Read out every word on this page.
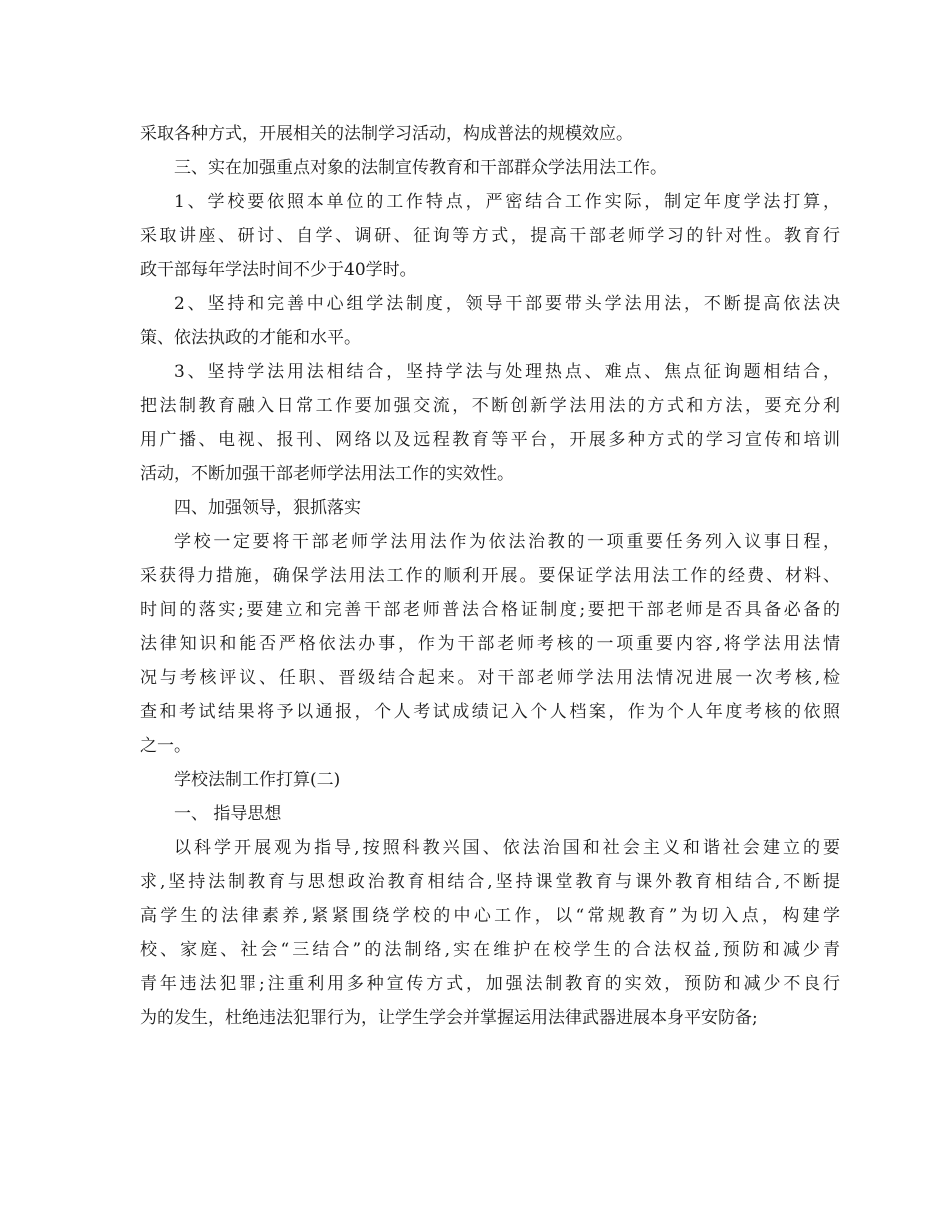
采取各种方式，开展相关的法制学习活动，构成普法的规模效应。
三、实在加强重点对象的法制宣传教育和干部群众学法用法工作。
1、学校要依照本单位的工作特点，严密结合工作实际，制定年度学法打算，
采取讲座、研讨、自学、调研、征询等方式，提高干部老师学习的针对性。教育行
政干部每年学法时间不少于40学时。
2、坚持和完善中心组学法制度，领导干部要带头学法用法，不断提高依法决
策、依法执政的才能和水平。
3、坚持学法用法相结合，坚持学法与处理热点、难点、焦点征询题相结合，
把法制教育融入日常工作要加强交流，不断创新学法用法的方式和方法，要充分利
用广播、电视、报刊、网络以及远程教育等平台，开展多种方式的学习宣传和培训
活动，不断加强干部老师学法用法工作的实效性。
四、加强领导，狠抓落实
学校一定要将干部老师学法用法作为依法治教的一项重要任务列入议事日程，
采获得力措施，确保学法用法工作的顺利开展。要保证学法用法工作的经费、材料、
时间的落实;要建立和完善干部老师普法合格证制度;要把干部老师是否具备必备的
法律知识和能否严格依法办事，作为干部老师考核的一项重要内容,将学法用法情
况与考核评议、任职、晋级结合起来。对干部老师学法用法情况进展一次考核,检
查和考试结果将予以通报，个人考试成绩记入个人档案，作为个人年度考核的依照
之一。
学校法制工作打算(二)
一、 指导思想
以科学开展观为指导,按照科教兴国、依法治国和社会主义和谐社会建立的要
求,坚持法制教育与思想政治教育相结合,坚持课堂教育与课外教育相结合,不断提
高学生的法律素养,紧紧围绕学校的中心工作，以“常规教育”为切入点，构建学
校、家庭、社会“三结合”的法制络,实在维护在校学生的合法权益,预防和减少青
青年违法犯罪;注重利用多种宣传方式，加强法制教育的实效，预防和减少不良行
为的发生，杜绝违法犯罪行为，让学生学会并掌握运用法律武器进展本身平安防备;
